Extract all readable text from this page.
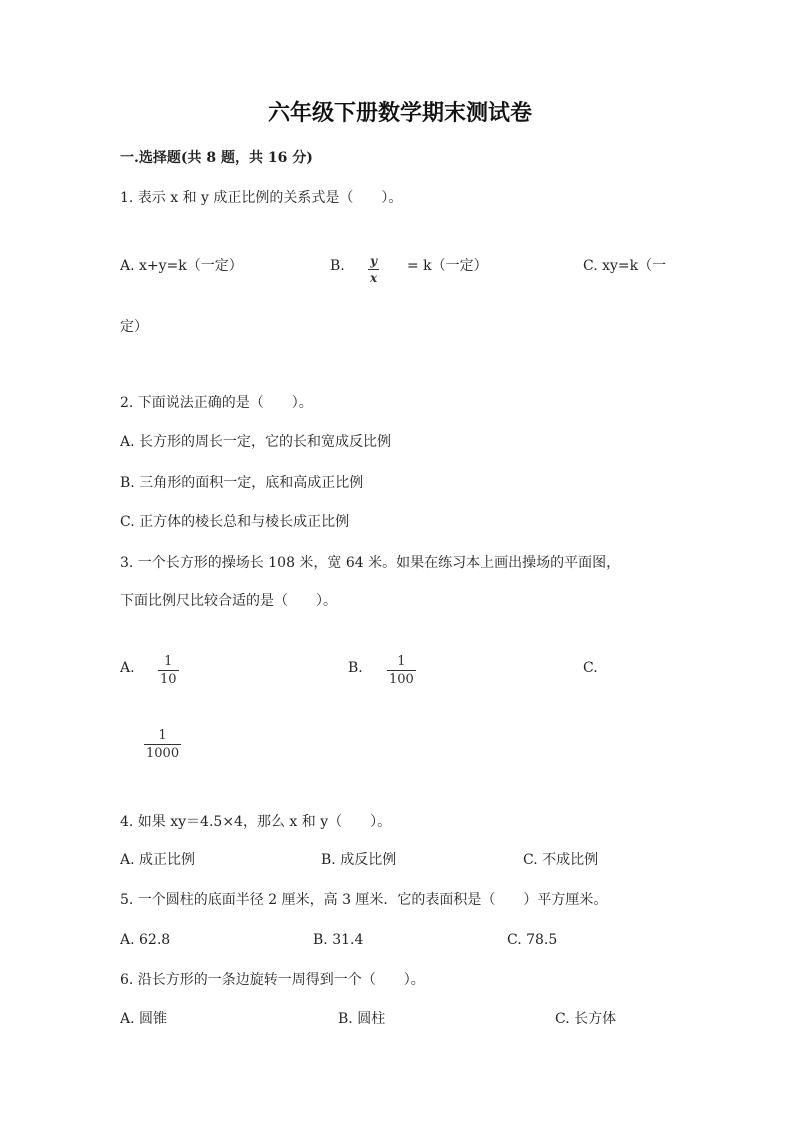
六年级下册数学期末测试卷
一.选择题(共 8 题，共 16 分)
1. 表示 x 和 y 成正比例的关系式是（　　）。
A. x+y=k（一定）	B. y
x
= k（一定）	C. xy=k（一
定）
2. 下面说法正确的是（　　）。
A. 长方形的周长一定，它的长和宽成反比例
B. 三角形的面积一定，底和高成正比例
C. 正方体的棱长总和与棱长成正比例
3. 一个长方形的操场长 108 米，宽 64 米。如果在练习本上画出操场的平面图，
下面比例尺比较合适的是（　　）。
A. 1
10
B.	1
100
C.
1
1000
4. 如果 xy＝4.5×4，那么 x 和 y（　　）。
A. 成正比例	B. 成反比例	C. 不成比例
5. 一个圆柱的底面半径 2 厘米，高 3 厘米．它的表面积是（　　）平方厘米。
A. 62.8	B. 31.4	C. 78.5
6. 沿长方形的一条边旋转一周得到一个（　　）。
A. 圆锥	B. 圆柱	C. 长方体
